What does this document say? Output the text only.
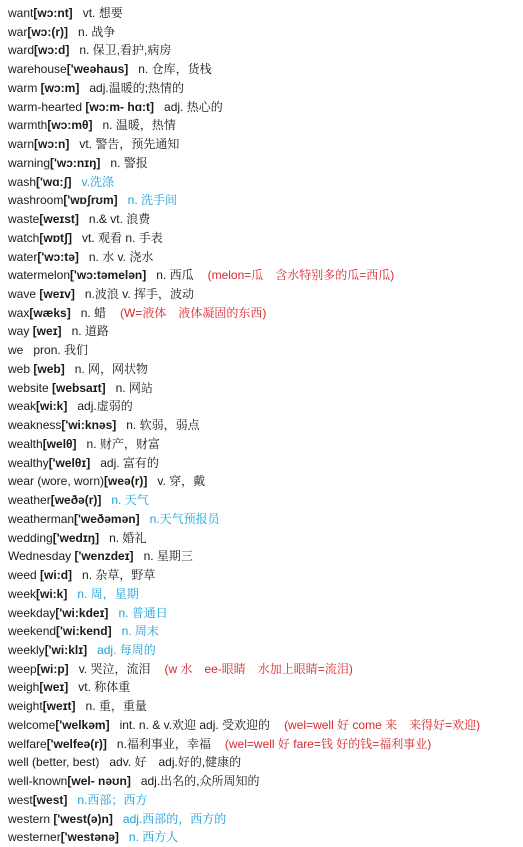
want[wɔ:nt] vt. 想要
war[wɔ:(r)] n. 战争
ward[wɔ:d] n. 保卫,看护,病房
warehouse['weəhaus] n. 仓库，货栈
warm [wɔ:m] adj.温暖的;热情的
warm-hearted [wɔ:m- hɑ:t] adj. 热心的
warmth[wɔ:mθ] n. 温暖，热情
warn[wɔ:n] vt. 警告，预先通知
warning['wɔ:nɪŋ] n. 警报
wash['wɑ:ʃ] v.洗涤
washroom['wɒʃrʊm] n. 洗手间
waste[weɪst] n.& vt. 浪费
watch[wɒtʃ] vt. 观看 n. 手表
water['wɔ:tə] n. 水 v. 浇水
watermelon['wɔ:təmelən] n. 西瓜 (melon=瓜　含水特别多的瓜=西瓜)
wave [weɪv] n.波浪 v. 挥手，波动
wax[wæks] n. 蜡 (W=液体　液体凝固的东西)
way [weɪ] n. 道路
we pron. 我们
web [web] n. 网，网状物
website [websaɪt] n. 网站
weak[wi:k] adj.虚弱的
weakness['wi:knəs] n. 软弱，弱点
wealth[welθ] n. 财产，财富
wealthy['welθɪ] adj. 富有的
wear (wore, worn)[weə(r)] v. 穿，戴
weather[weðə(r)] n. 天气
weatherman['weðəmən] n.天气预报员
wedding['wedɪŋ] n. 婚礼
Wednesday ['wenzdeɪ] n. 星期三
weed [wi:d] n. 杂草，野草
week[wi:k] n. 周，星期
weekday['wi:kdeɪ] n. 普通日
weekend['wi:kend] n. 周末
weekly['wi:klɪ] adj. 每周的
weep[wi:p] v. 哭泣，流泪 (w 水　ee-眼睛　水加上眼睛=流泪)
weigh[weɪ] vt. 称体重
weight[weɪt] n. 重，重量
welcome['welkəm] int. n. & v.欢迎 adj. 受欢迎的 (wel=well 好 come 来　来得好=欢迎)
welfare['welfeə(r)] n.福利事业，幸福 (wel=well 好 fare=钱 好的钱=福利事业)
well (better, best) adv. 好　adj.好的,健康的
well-known[wel- nəʊn] adj.出名的,众所周知的
west[west] n.西部；西方
western ['west(ə)n] adj.西部的，西方的
westerner['westənə] n. 西方人
